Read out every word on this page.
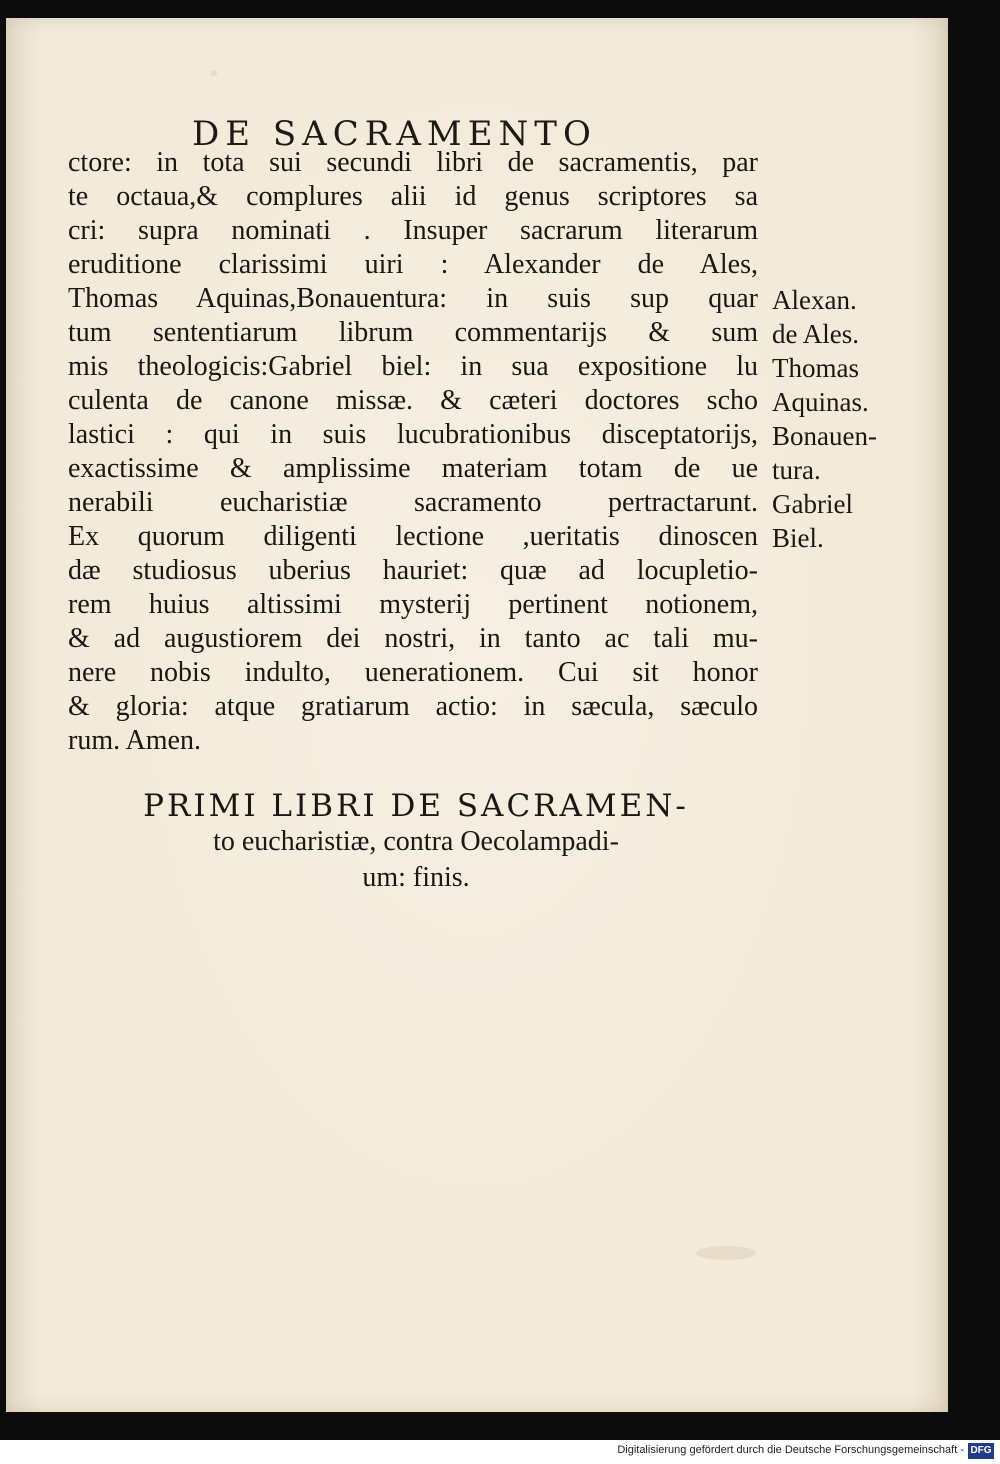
DE SACRAMENTO
ctore: in tota sui secundi libri de sacramentis, par
te octaua,& complures alii id genus scriptores sa
cri: supra nominati . Insuper sacrarum literarum
eruditione clarissimi uiri : Alexander de Ales,
Thomas Aquinas,Bonauentura: in suis sup quar
tum sententiarum librum commentarijs & sum
mis theologicis:Gabriel biel: in sua expositione lu
culenta de canone missæ. & cæteri doctores scho
lastici : qui in suis lucubrationibus disceptatorijs,
exactissime & amplissime materiam totam de ue
nerabili eucharistiæ sacramento pertractarunt.
Ex quorum diligenti lectione ,ueritatis dinoscen
dæ studiosus uberius hauriet: quæ ad locupletio-
rem huius altissimi mysterij pertinent notionem,
& ad augustiorem dei nostri, in tanto ac tali mu-
nere nobis indulto, uenerationem. Cui sit honor
& gloria: atque gratiarum actio: in sæcula, sæculo
rum. Amen.
Alexan.
de Ales.
Thomas
Aquinas.
Bonauen-
tura.
Gabriel
Biel.
PRIMI LIBRI DE SACRAMEN-
to eucharistiæ, contra Oecolampadi-
um: finis.
Digitalisierung gefördert durch die Deutsche Forschungsgemeinschaft - DFG
